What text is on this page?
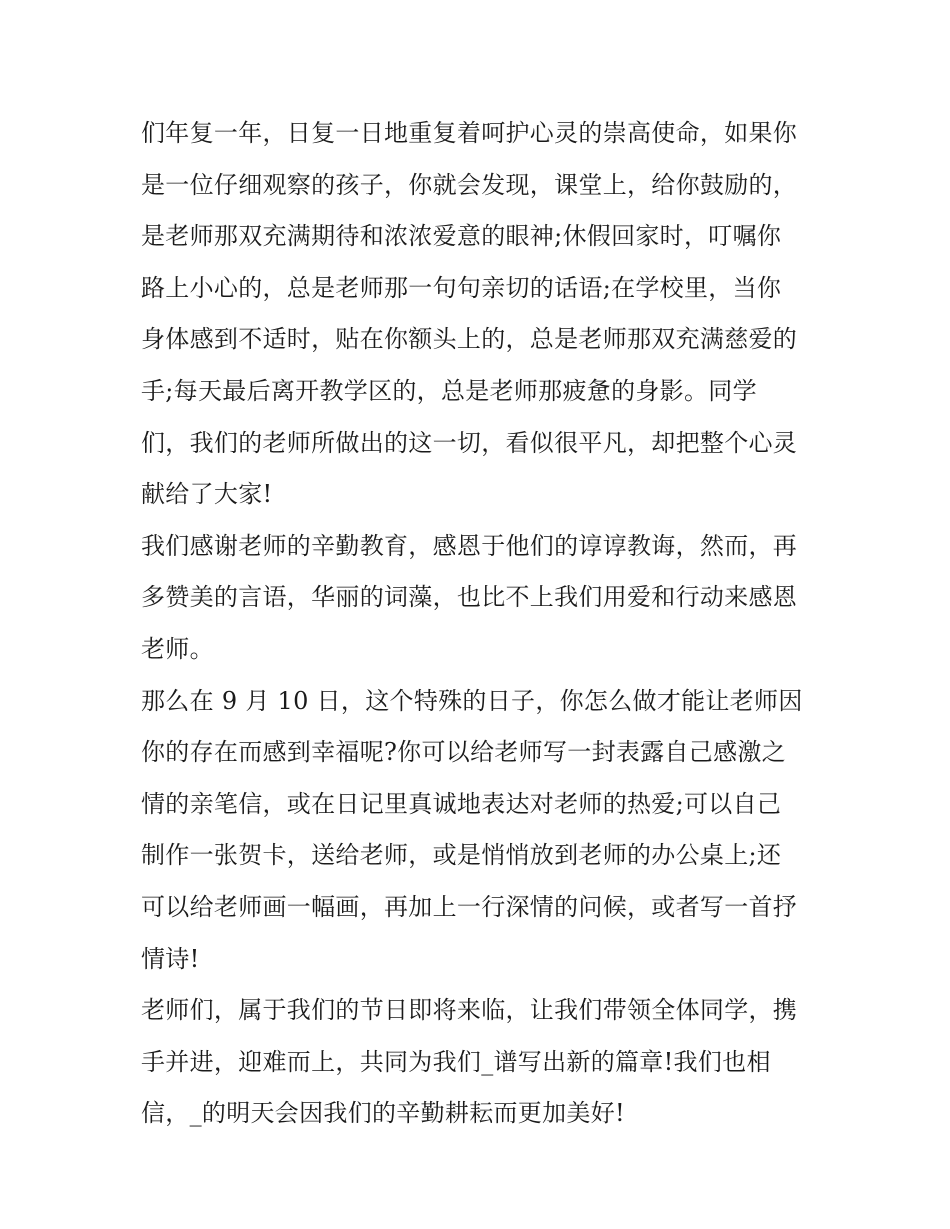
们年复一年，日复一日地重复着呵护心灵的崇高使命，如果你
是一位仔细观察的孩子，你就会发现，课堂上，给你鼓励的，
是老师那双充满期待和浓浓爱意的眼神;休假回家时，叮嘱你
路上小心的，总是老师那一句句亲切的话语;在学校里，当你
身体感到不适时，贴在你额头上的，总是老师那双充满慈爱的
手;每天最后离开教学区的，总是老师那疲惫的身影。同学
们，我们的老师所做出的这一切，看似很平凡，却把整个心灵
献给了大家!
我们感谢老师的辛勤教育，感恩于他们的谆谆教诲，然而，再
多赞美的言语，华丽的词藻，也比不上我们用爱和行动来感恩
老师。
那么在 9 月 10 日，这个特殊的日子，你怎么做才能让老师因
你的存在而感到幸福呢?你可以给老师写一封表露自己感激之
情的亲笔信，或在日记里真诚地表达对老师的热爱;可以自己
制作一张贺卡，送给老师，或是悄悄放到老师的办公桌上;还
可以给老师画一幅画，再加上一行深情的问候，或者写一首抒
情诗!
老师们，属于我们的节日即将来临，让我们带领全体同学，携
手并进，迎难而上，共同为我们_谱写出新的篇章!我们也相
信，_的明天会因我们的辛勤耕耘而更加美好!
